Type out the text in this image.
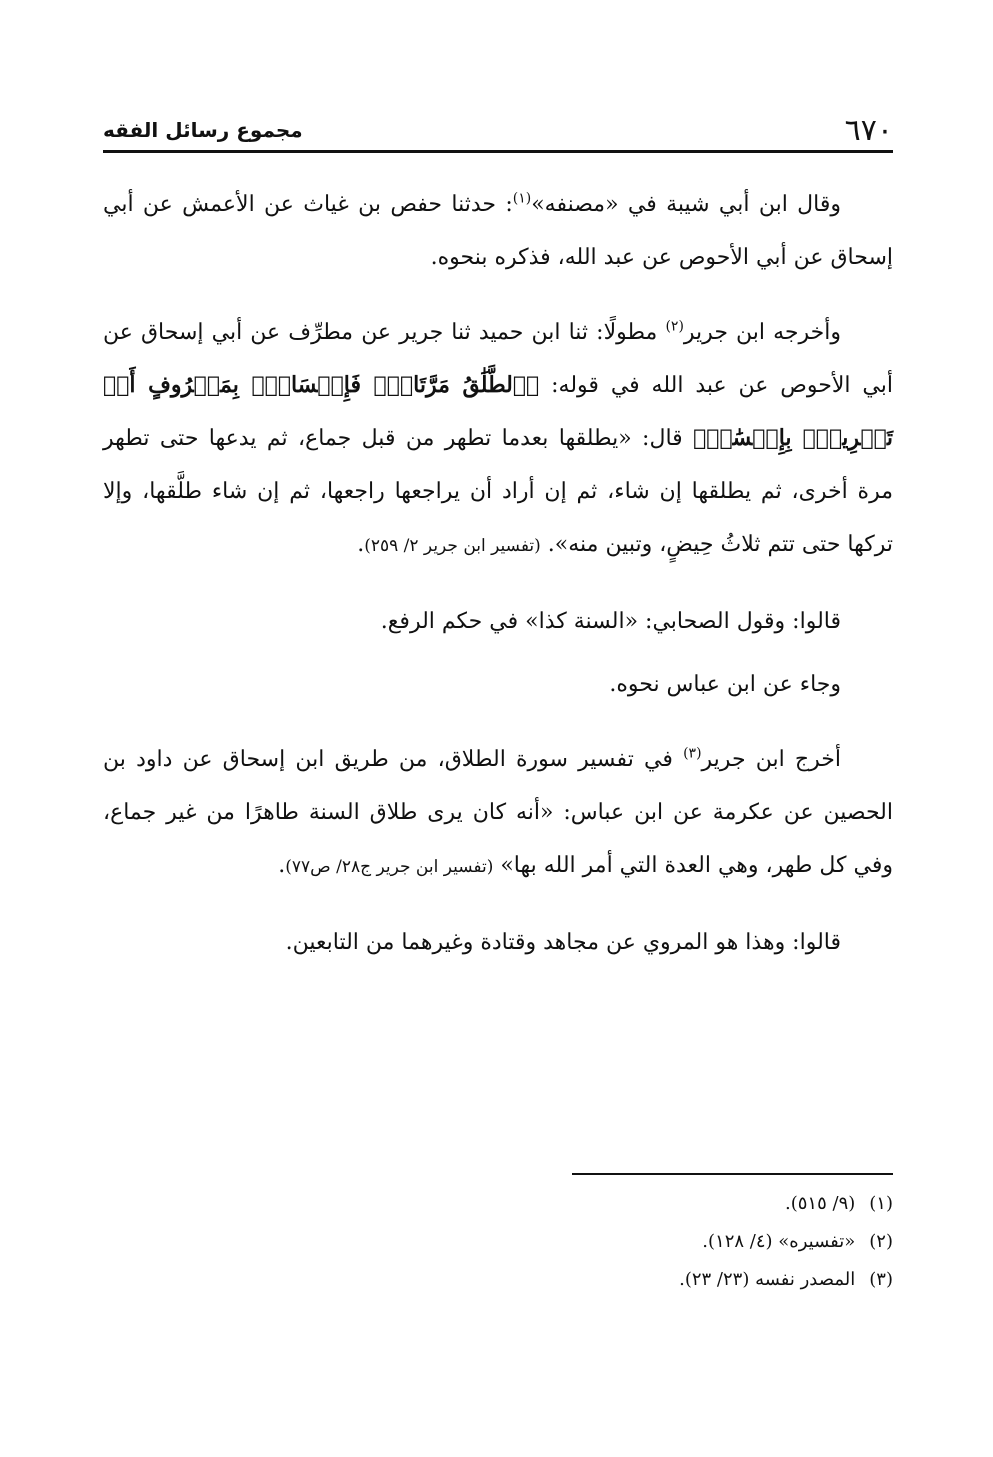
٦٧٠
مجموع رسائل الفقه

وقال ابن أبي شيبة في «مصنفه»$^{(١)}$: حدثنا حفص بن غياث عن الأعمش عن أبي إسحاق عن أبي الأحوص عن عبد الله، فذكره بنحوه.

وأخرجه ابن جرير$^{(٢)}$ مطولًا: ثنا ابن حميد ثنا جرير عن مطرِّف عن أبي إسحاق عن أبي الأحوص عن عبد الله في قوله: ﴿ٱلطَّلَٰقُ مَرَّتَانِۖ فَإِمۡسَاكُۢ بِمَعۡرُوفٍ أَوۡ تَسۡرِيحُۢ بِإِحۡسَٰنٖ﴾ قال: «يطلقها بعدما تطهر من قبل جماع، ثم يدعها حتى تطهر مرة أخرى، ثم يطلقها إن شاء، ثم إن أراد أن يراجعها راجعها، ثم إن شاء طلَّقها، وإلا تركها حتى تتم ثلاثُ حِيضٍ، وتبين منه». (تفسير ابن جرير ٢/ ٢٥٩).

قالوا: وقول الصحابي: «السنة كذا» في حكم الرفع.

وجاء عن ابن عباس نحوه.

أخرج ابن جرير$^{(٣)}$ في تفسير سورة الطلاق، من طريق ابن إسحاق عن داود بن الحصين عن عكرمة عن ابن عباس: «أنه كان يرى طلاق السنة طاهرًا من غير جماع، وفي كل طهر، وهي العدة التي أمر الله بها» (تفسير ابن جرير ج٢٨/ ص٧٧).

قالوا: وهذا هو المروي عن مجاهد وقتادة وغيرهما من التابعين.

(١)(٩/ ٥١٥).

(٢)«تفسيره» (٤/ ١٢٨).

(٣)المصدر نفسه (٢٣/ ٢٣).
